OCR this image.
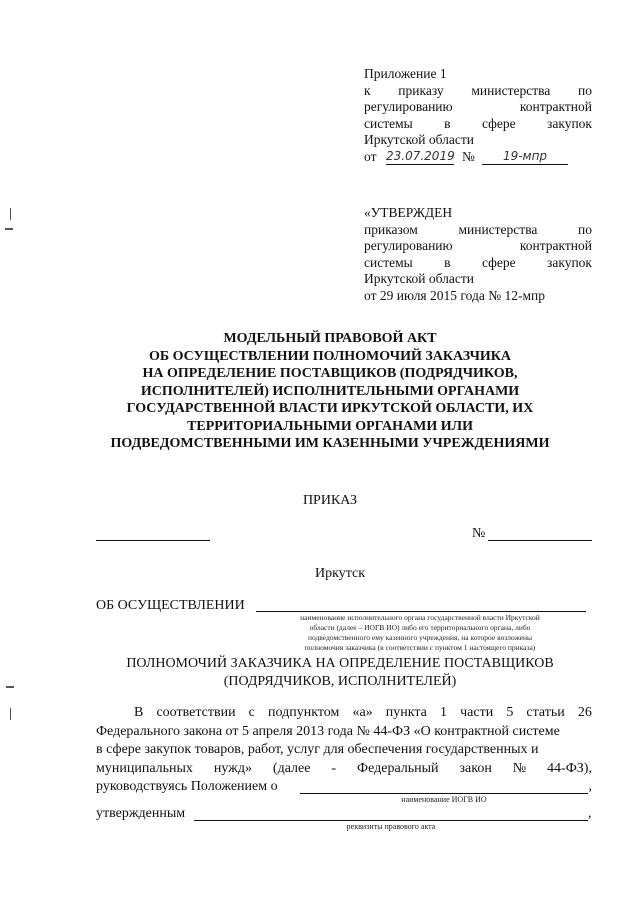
Приложение 1
к приказу министерства по
регулированию	контрактной
системы в сфере закупок
Иркутской области
от 23.07.2019 №	19-мпр
«УТВЕРЖДЕН
приказом	министерства	по
регулированию	контрактной
системы в сфере закупок
Иркутской области
от 29 июля 2015 года № 12-мпр
МОДЕЛЬНЫЙ ПРАВОВОЙ АКТ
ОБ ОСУЩЕСТВЛЕНИИ ПОЛНОМОЧИЙ ЗАКАЗЧИКА
НА ОПРЕДЕЛЕНИЕ ПОСТАВЩИКОВ (ПОДРЯДЧИКОВ,
ИСПОЛНИТЕЛЕЙ) ИСПОЛНИТЕЛЬНЫМИ ОРГАНАМИ
ГОСУДАРСТВЕННОЙ ВЛАСТИ ИРКУТСКОЙ ОБЛАСТИ, ИХ
ТЕРРИТОРИАЛЬНЫМИ ОРГАНАМИ ИЛИ
ПОДВЕДОМСТВЕННЫМИ ИМ КАЗЕННЫМИ УЧРЕЖДЕНИЯМИ
ПРИКАЗ
№
Иркутск
ОБ ОСУЩЕСТВЛЕНИИ
наименование исполнительного органа государственной власти Иркутской
области (далее – ИОГВ ИО) либо его территориального органа, либо
подведомственного ему казенного учреждения, на которое возложены
полномочия заказчика (в соответствии с пунктом 1 настоящего приказа)
ПОЛНОМОЧИЙ ЗАКАЗЧИКА НА ОПРЕДЕЛЕНИЕ ПОСТАВЩИКОВ
(ПОДРЯДЧИКОВ, ИСПОЛНИТЕЛЕЙ)
В соответствии с подпунктом «а» пункта 1 части 5 статьи 26
Федерального закона от 5 апреля 2013 года № 44-ФЗ «О контрактной системе
в сфере закупок товаров, работ, услуг для обеспечения государственных и
муниципальных нужд» (далее - Федеральный закон № 44-ФЗ),
руководствуясь Положением о	,
наименование ИОГВ ИО
утвержденным	,
реквизиты правового акта
